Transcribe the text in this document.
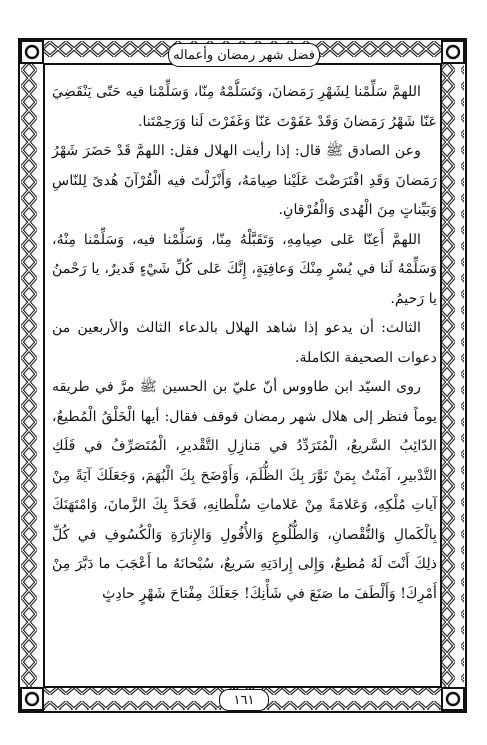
فضل شهر رمضان وأعماله

اللهمَّ سَلِّمْنا لِشَهْرِ رَمَضانَ، وَتَسَلَّمْهُ مِنّا، وَسَلِّمْنا فيه حَتّى يَنْقَضِيَ عَنّا شَهْرُ رَمَضانَ وَقَدْ عَفَوْتَ عَنّا وَغَفَرْتَ لَنا وَرَحِمْتَنا.

وعن الصادق ﷺ قال: إذا رأيت الهلال فقل: اللهمَّ قَدْ حَضَرَ شَهْرُ رَمَضانَ وَقَدِ افْتَرَضْتَ عَلَيْنا صِيامَهُ، وَأَنْزَلْتَ فيه الْقُرْآنَ هُدىً لِلنّاسِ وَبَيِّناتٍ مِنَ الْهُدى وَالْفُرْقانِ.

اللهمَّ أَعِنّا عَلى صِيامِهِ، وَتَقَبَّلْهُ مِنّا، وَسَلِّمْنا فيه، وَسَلِّمْنا مِنْهُ، وَسَلِّمْهُ لَنا في يُسْرٍ مِنْكَ وَعافِيَةٍ، إِنَّكَ عَلى كُلِّ شَيْءٍ قَديرٌ، يا رَحْمنُ يا رَحيمُ.

الثالث: أن يدعو إذا شاهد الهلال بالدعاء الثالث والأربعين من دعوات الصحيفة الكاملة.

روى السيّد ابن طاووس أنّ عليّ بن الحسين ﷺ مرَّ في طريقه يوماً فنظر إلى هلال شهر رمضان فوقف فقال: أيها الْخَلْقُ الْمُطيعُ، الدّائِبُ السَّريعُ، الْمُتَرَدِّدُ في مَنازِلِ التَّقْديرِ، الْمُتَصَرِّفُ في فَلَكِ التَّدْبيرِ، آمَنْتُ بِمَنْ نَوَّرَ بِكَ الظُّلَمَ، وَأَوْضَحَ بِكَ الْبُهَمَ، وَجَعَلَكَ آيَةً مِنْ آياتِ مُلْكِهِ، وَعَلامَةً مِنْ عَلاماتِ سُلْطانِهِ، فَحَدَّ بِكَ الزَّمانَ، وَامْتَهَنَكَ بِالْكَمالِ وَالنُّقْصانِ، وَالطُّلُوعِ وَالأُفُولِ وَالإِنارَةِ وَالْكُسُوفِ في كُلِّ ذلِكَ أَنْتَ لَهُ مُطيعٌ، وَإِلى إِرادَتِهِ سَريعٌ، سُبْحانَهُ ما أَعْجَبَ ما دَبَّرَ مِنْ أَمْرِكَ! وَأَلْطَفَ ما صَنَعَ في شَأْنِكَ! جَعَلَكَ مِفْتاحَ شَهْرٍ حادِثٍ

١٦١
